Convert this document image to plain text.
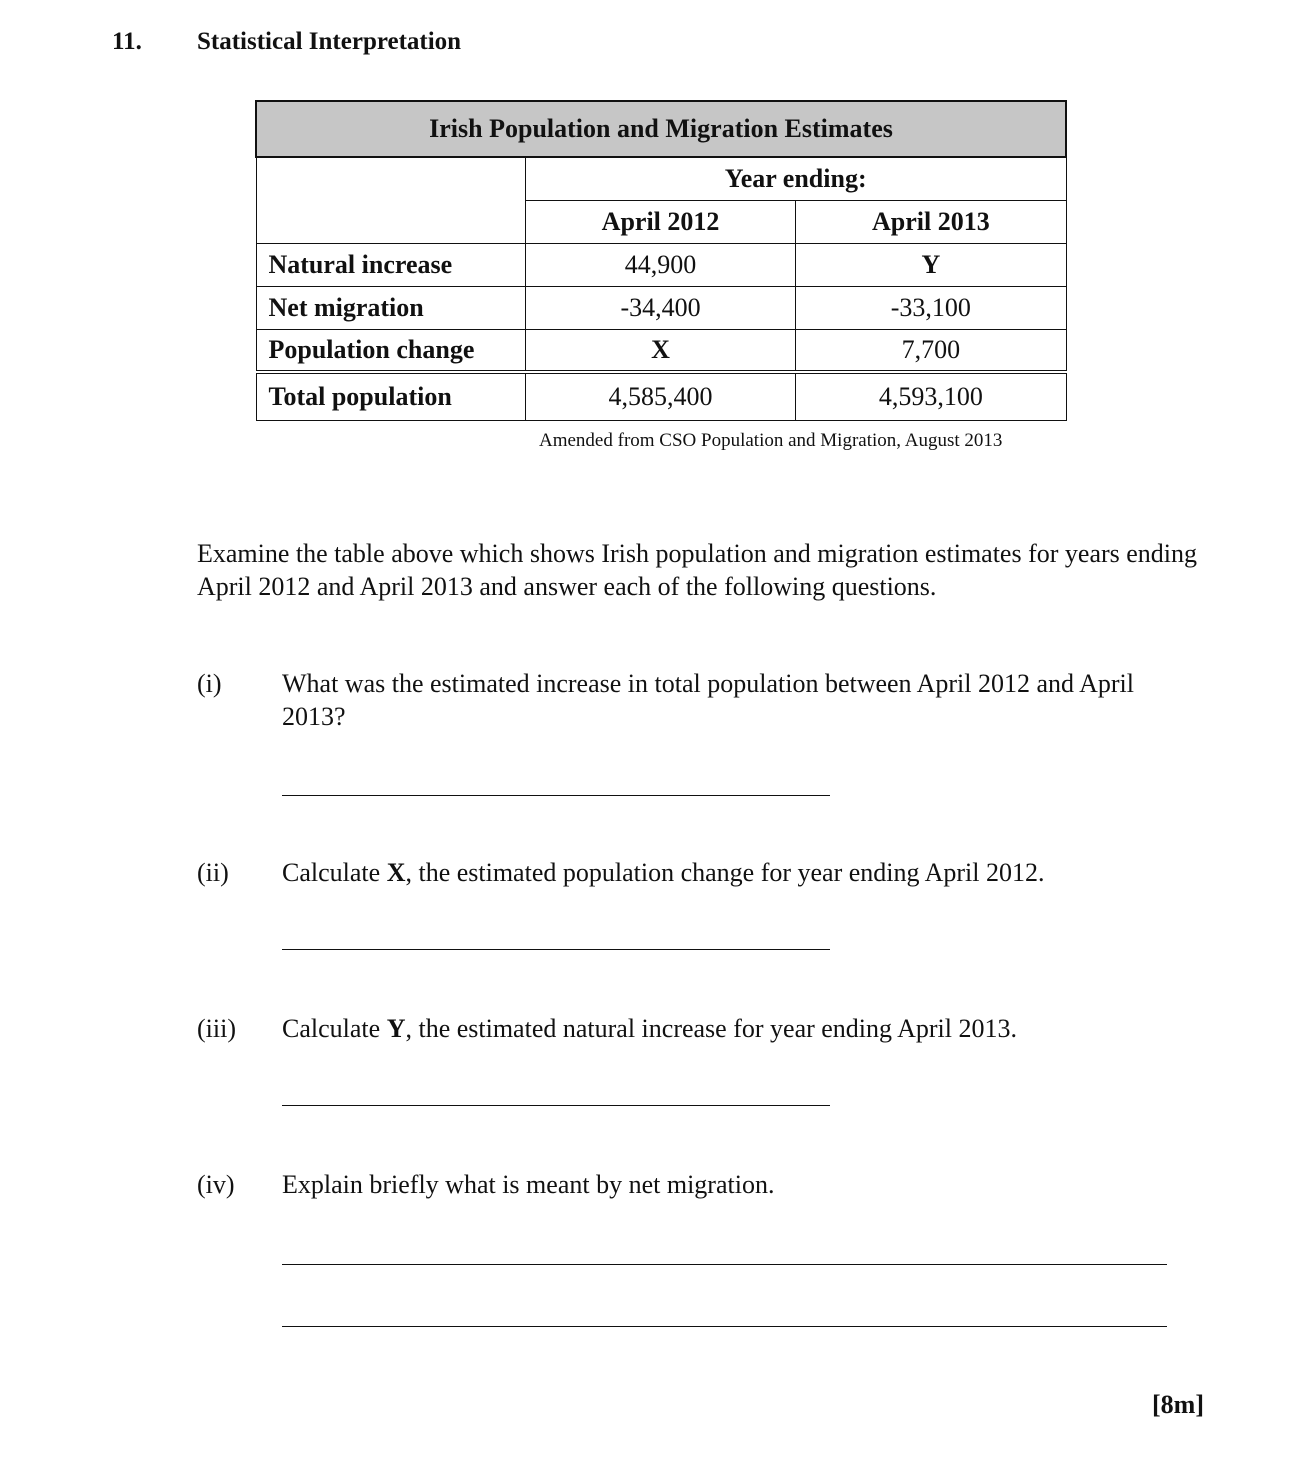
11. Statistical Interpretation
Irish Population and Migration Estimates		
	Year ending:	
	April 2012	April 2013
Natural increase	44,900	Y
Net migration	-34,400	-33,100
Population change	X	7,700
Total population	4,585,400	4,593,100
Amended from CSO Population and Migration, August 2013
Examine the table above which shows Irish population and migration estimates for years ending April 2012 and April 2013 and answer each of the following questions.
(i) What was the estimated increase in total population between April 2012 and April 2013?
(ii) Calculate X, the estimated population change for year ending April 2012.
(iii) Calculate Y, the estimated natural increase for year ending April 2013.
(iv) Explain briefly what is meant by net migration.
[8m]
